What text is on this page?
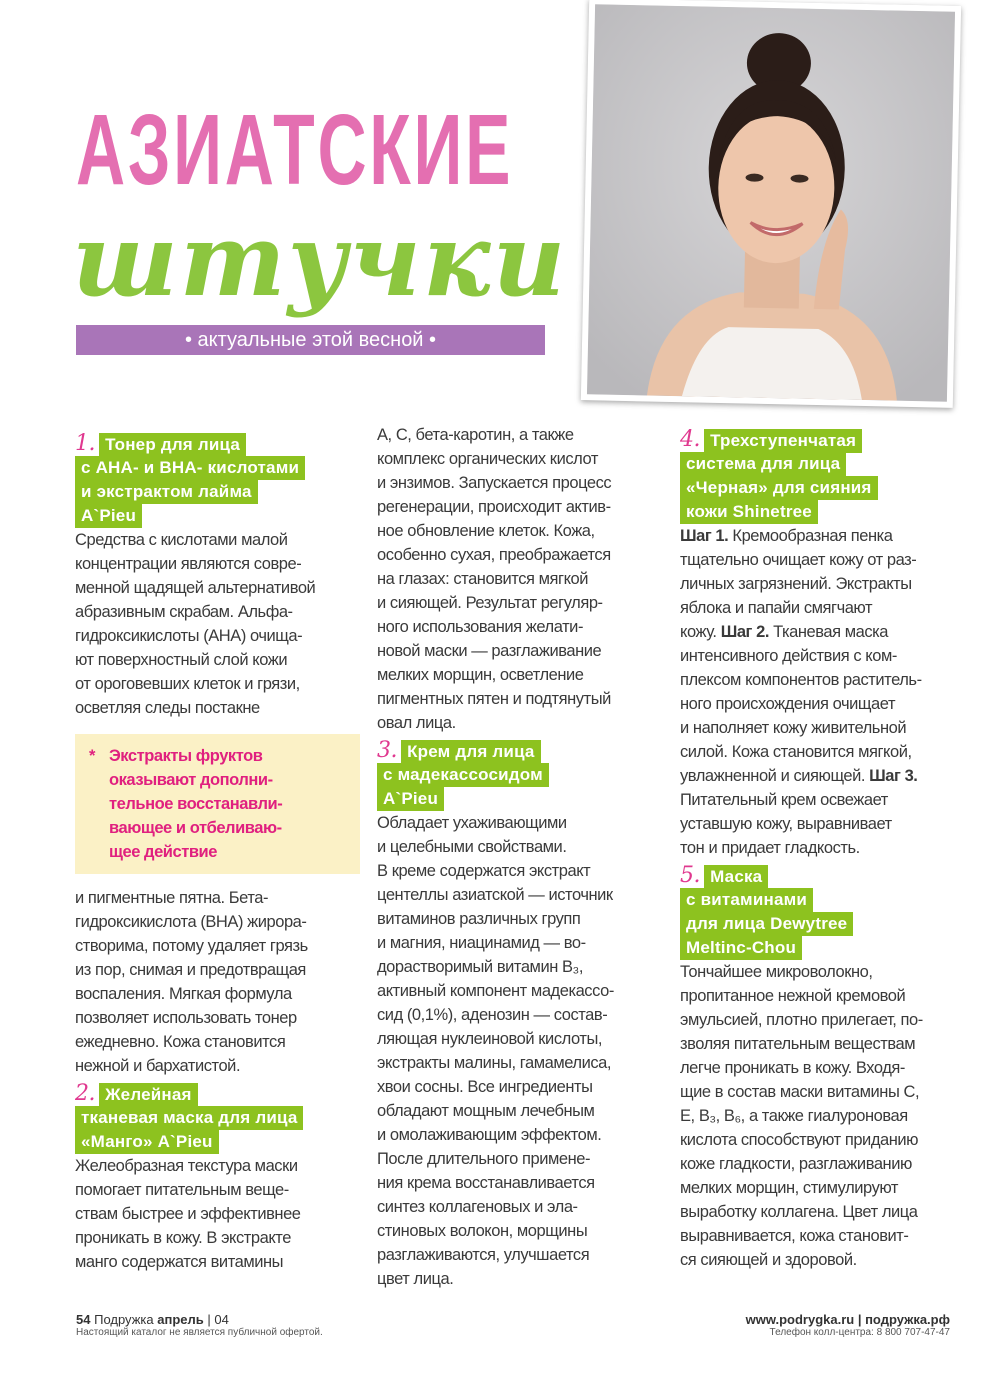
АЗИАТСКИЕ
штучки
• актуальные этой весной •
1. Тонер для лица
с AHA- и BHA- кислотами
и экстрактом лайма
A`Pieu
Средства с кислотами малой
концентрации являются совре-
менной щадящей альтернативой
абразивным скрабам. Альфа-
гидроксикислоты (АНА) очища-
ют поверхностный слой кожи
от ороговевших клеток и грязи,
осветляя следы постакне
* Экстракты фруктов
оказывают дополни-
тельное восстанавли-
вающее и отбеливаю-
щее действие
и пигментные пятна. Бета-
гидроксикислота (ВНА) жирора-
створима, потому удаляет грязь
из пор, снимая и предотвращая
воспаления. Мягкая формула
позволяет использовать тонер
ежедневно. Кожа становится
нежной и бархатистой.
2. Желейная
тканевая маска для лица
«Манго» A`Pieu
Желеобразная текстура маски
помогает питательным веще-
ствам быстрее и эффективнее
проникать в кожу. В экстракте
манго содержатся витамины
А, С, бета-каротин, а также
комплекс органических кислот
и энзимов. Запускается процесс
регенерации, происходит актив-
ное обновление клеток. Кожа,
особенно сухая, преображается
на глазах: становится мягкой
и сияющей. Результат регуляр-
ного использования желати-
новой маски — разглаживание
мелких морщин, осветление
пигментных пятен и подтянутый
овал лица.
3. Крем для лица
с мадекассосидом
A`Pieu
Обладает ухаживающими
и целебными свойствами.
В креме содержатся экстракт
центеллы азиатской — источник
витаминов различных групп
и магния, ниацинамид — во-
дорастворимый витамин B₃,
активный компонент мадекассо-
сид (0,1%), аденозин — состав-
ляющая нуклеиновой кислоты,
экстракты малины, гамамелиса,
хвои сосны. Все ингредиенты
обладают мощным лечебным
и омолаживающим эффектом.
После длительного примене-
ния крема восстанавливается
синтез коллагеновых и эла-
стиновых волокон, морщины
разглаживаются, улучшается
цвет лица.
4. Трехступенчатая
система для лица
«Черная» для сияния
кожи Shinetree
Шаг 1. Кремообразная пенка
тщательно очищает кожу от раз-
личных загрязнений. Экстракты
яблока и папайи смягчают
кожу. Шаг 2. Тканевая маска
интенсивного действия с ком-
плексом компонентов раститель-
ного происхождения очищает
и наполняет кожу живительной
силой. Кожа становится мягкой,
увлажненной и сияющей. Шаг 3.
Питательный крем освежает
уставшую кожу, выравнивает
тон и придает гладкость.
5. Маска
с витаминами
для лица Dewytree
Meltinc-Chou
Тончайшее микроволокно,
пропитанное нежной кремовой
эмульсией, плотно прилегает, по-
зволяя питательным веществам
легче проникать в кожу. Входя-
щие в состав маски витамины С,
Е, B₃, B₆, а также гиалуроновая
кислота способствуют приданию
коже гладкости, разглаживанию
мелких морщин, стимулируют
выработку коллагена. Цвет лица
выравнивается, кожа становит-
ся сияющей и здоровой.
54 Подружка апрель | 04
Настоящий каталог не является публичной офертой.
www.podrygka.ru | подружка.рф
Телефон колл-центра: 8 800 707-47-47
